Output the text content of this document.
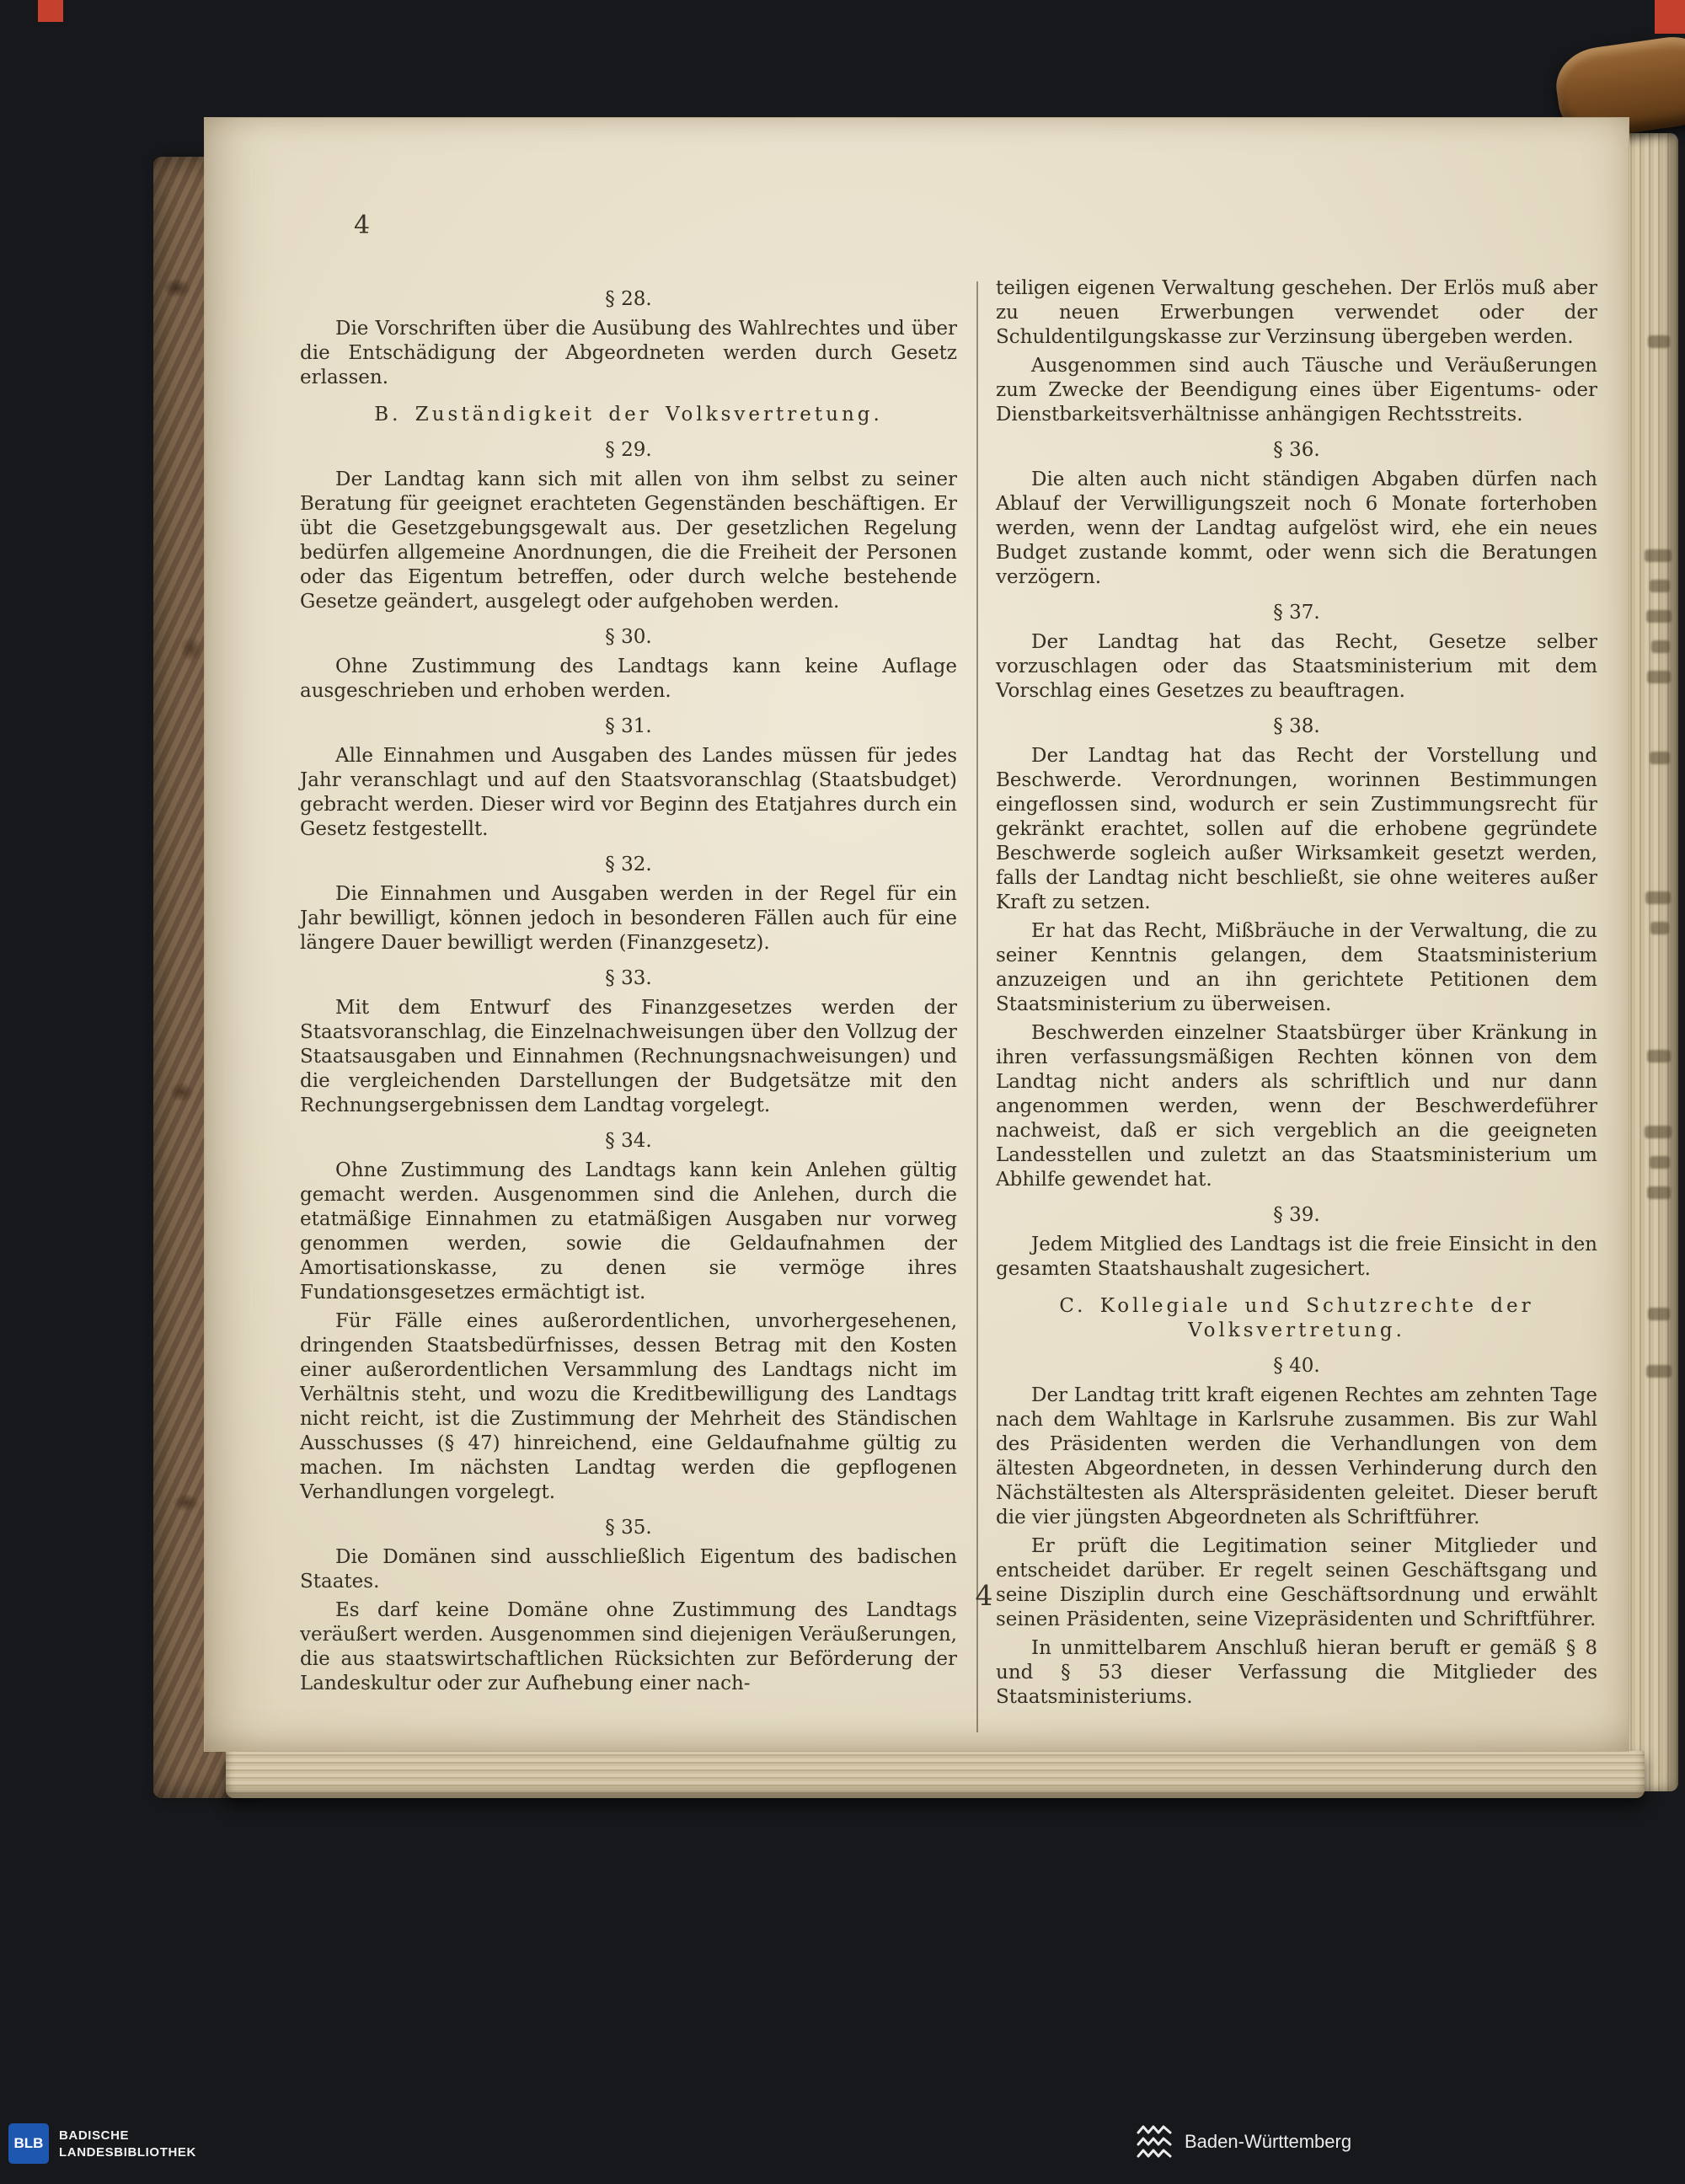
4

§ 28.

Die Vorschriften über die Ausübung des Wahlrechtes und über die Entschädigung der Abgeordneten werden durch Gesetz erlassen.

B. Zuständigkeit der Volksvertretung.

§ 29.

Der Landtag kann sich mit allen von ihm selbst zu seiner Beratung für geeignet erachteten Gegenständen beschäftigen. Er übt die Gesetzgebungsgewalt aus. Der gesetzlichen Regelung bedürfen allgemeine Anordnungen, die die Freiheit der Personen oder das Eigentum betreffen, oder durch welche bestehende Gesetze geändert, ausgelegt oder aufgehoben werden.

§ 30.

Ohne Zustimmung des Landtags kann keine Auflage ausgeschrieben und erhoben werden.

§ 31.

Alle Einnahmen und Ausgaben des Landes müssen für jedes Jahr veranschlagt und auf den Staatsvoranschlag (Staatsbudget) gebracht werden. Dieser wird vor Beginn des Etatjahres durch ein Gesetz festgestellt.

§ 32.

Die Einnahmen und Ausgaben werden in der Regel für ein Jahr bewilligt, können jedoch in besonderen Fällen auch für eine längere Dauer bewilligt werden (Finanzgesetz).

§ 33.

Mit dem Entwurf des Finanzgesetzes werden der Staatsvoranschlag, die Einzelnachweisungen über den Vollzug der Staatsausgaben und Einnahmen (Rechnungsnachweisungen) und die vergleichenden Darstellungen der Budgetsätze mit den Rechnungsergebnissen dem Landtag vorgelegt.

§ 34.

Ohne Zustimmung des Landtags kann kein Anlehen gültig gemacht werden. Ausgenommen sind die Anlehen, durch die etatmäßige Einnahmen zu etatmäßigen Ausgaben nur vorweg genommen werden, sowie die Geldaufnahmen der Amortisationskasse, zu denen sie vermöge ihres Fundationsgesetzes ermächtigt ist.

Für Fälle eines außerordentlichen, unvorhergesehenen, dringenden Staatsbedürfnisses, dessen Betrag mit den Kosten einer außerordentlichen Versammlung des Landtags nicht im Verhältnis steht, und wozu die Kreditbewilligung des Landtags nicht reicht, ist die Zustimmung der Mehrheit des Ständischen Ausschusses (§ 47) hinreichend, eine Geldaufnahme gültig zu machen. Im nächsten Landtag werden die gepflogenen Verhandlungen vorgelegt.

§ 35.

Die Domänen sind ausschließlich Eigentum des badischen Staates.

Es darf keine Domäne ohne Zustimmung des Landtags veräußert werden. Ausgenommen sind diejenigen Veräußerungen, die aus staatswirtschaftlichen Rücksichten zur Beförderung der Landeskultur oder zur Aufhebung einer nach-

teiligen eigenen Verwaltung geschehen. Der Erlös muß aber zu neuen Erwerbungen verwendet oder der Schuldentilgungskasse zur Verzinsung übergeben werden.

Ausgenommen sind auch Täusche und Veräußerungen zum Zwecke der Beendigung eines über Eigentums- oder Dienstbarkeitsverhältnisse anhängigen Rechtsstreits.

§ 36.

Die alten auch nicht ständigen Abgaben dürfen nach Ablauf der Verwilligungszeit noch 6 Monate forterhoben werden, wenn der Landtag aufgelöst wird, ehe ein neues Budget zustande kommt, oder wenn sich die Beratungen verzögern.

§ 37.

Der Landtag hat das Recht, Gesetze selber vorzuschlagen oder das Staatsministerium mit dem Vorschlag eines Gesetzes zu beauftragen.

§ 38.

Der Landtag hat das Recht der Vorstellung und Beschwerde. Verordnungen, worinnen Bestimmungen eingeflossen sind, wodurch er sein Zustimmungsrecht für gekränkt erachtet, sollen auf die erhobene gegründete Beschwerde sogleich außer Wirksamkeit gesetzt werden, falls der Landtag nicht beschließt, sie ohne weiteres außer Kraft zu setzen.

Er hat das Recht, Mißbräuche in der Verwaltung, die zu seiner Kenntnis gelangen, dem Staatsministerium anzuzeigen und an ihn gerichtete Petitionen dem Staatsministerium zu überweisen.

Beschwerden einzelner Staatsbürger über Kränkung in ihren verfassungsmäßigen Rechten können von dem Landtag nicht anders als schriftlich und nur dann angenommen werden, wenn der Beschwerdeführer nachweist, daß er sich vergeblich an die geeigneten Landesstellen und zuletzt an das Staatsministerium um Abhilfe gewendet hat.

§ 39.

Jedem Mitglied des Landtags ist die freie Einsicht in den gesamten Staatshaushalt zugesichert.

C. Kollegiale und Schutzrechte der Volksvertretung.

§ 40.

Der Landtag tritt kraft eigenen Rechtes am zehnten Tage nach dem Wahltage in Karlsruhe zusammen. Bis zur Wahl des Präsidenten werden die Verhandlungen von dem ältesten Abgeordneten, in dessen Verhinderung durch den Nächstältesten als Alterspräsidenten geleitet. Dieser beruft die vier jüngsten Abgeordneten als Schriftführer.

Er prüft die Legitimation seiner Mitglieder und entscheidet darüber. Er regelt seinen Geschäftsgang und seine Disziplin durch eine Geschäftsordnung und erwählt seinen Präsidenten, seine Vizepräsidenten und Schriftführer.

In unmittelbarem Anschluß hieran beruft er gemäß § 8 und § 53 dieser Verfassung die Mitglieder des Staatsministeriums.

4
BLB BADISCHE
LANDESBIBLIOTHEK
Baden-Württemberg
